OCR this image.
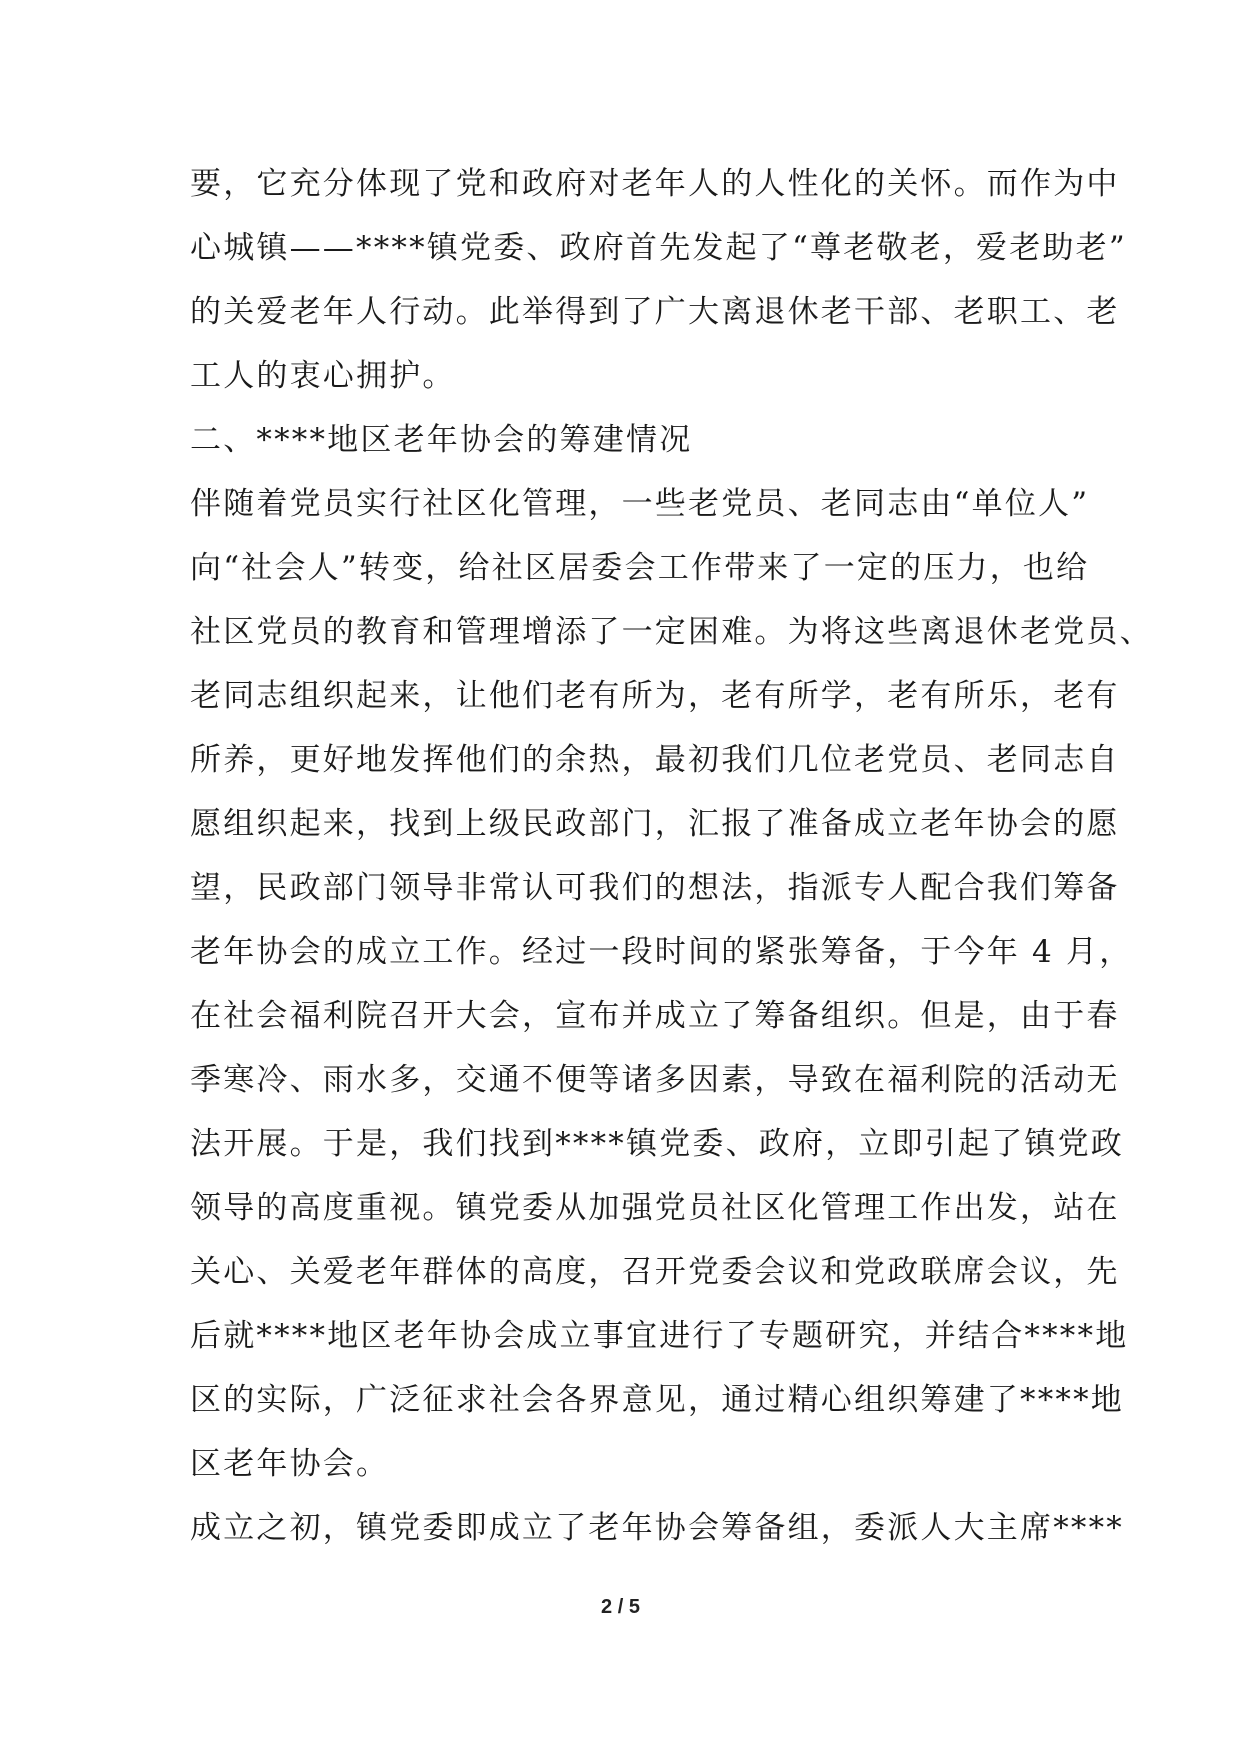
要，它充分体现了党和政府对老年人的人性化的关怀。而作为中
心城镇——****镇党委、政府首先发起了“尊老敬老，爱老助老”
的关爱老年人行动。此举得到了广大离退休老干部、老职工、老
工人的衷心拥护。
二、****地区老年协会的筹建情况
伴随着党员实行社区化管理，一些老党员、老同志由“单位人”
向“社会人”转变，给社区居委会工作带来了一定的压力，也给
社区党员的教育和管理增添了一定困难。为将这些离退休老党员、
老同志组织起来，让他们老有所为，老有所学，老有所乐，老有
所养，更好地发挥他们的余热，最初我们几位老党员、老同志自
愿组织起来，找到上级民政部门，汇报了准备成立老年协会的愿
望，民政部门领导非常认可我们的想法，指派专人配合我们筹备
老年协会的成立工作。经过一段时间的紧张筹备，于今年 4 月，
在社会福利院召开大会，宣布并成立了筹备组织。但是，由于春
季寒冷、雨水多，交通不便等诸多因素，导致在福利院的活动无
法开展。于是，我们找到****镇党委、政府，立即引起了镇党政
领导的高度重视。镇党委从加强党员社区化管理工作出发，站在
关心、关爱老年群体的高度，召开党委会议和党政联席会议，先
后就****地区老年协会成立事宜进行了专题研究，并结合****地
区的实际，广泛征求社会各界意见，通过精心组织筹建了****地
区老年协会。
成立之初，镇党委即成立了老年协会筹备组，委派人大主席****
2 / 5
